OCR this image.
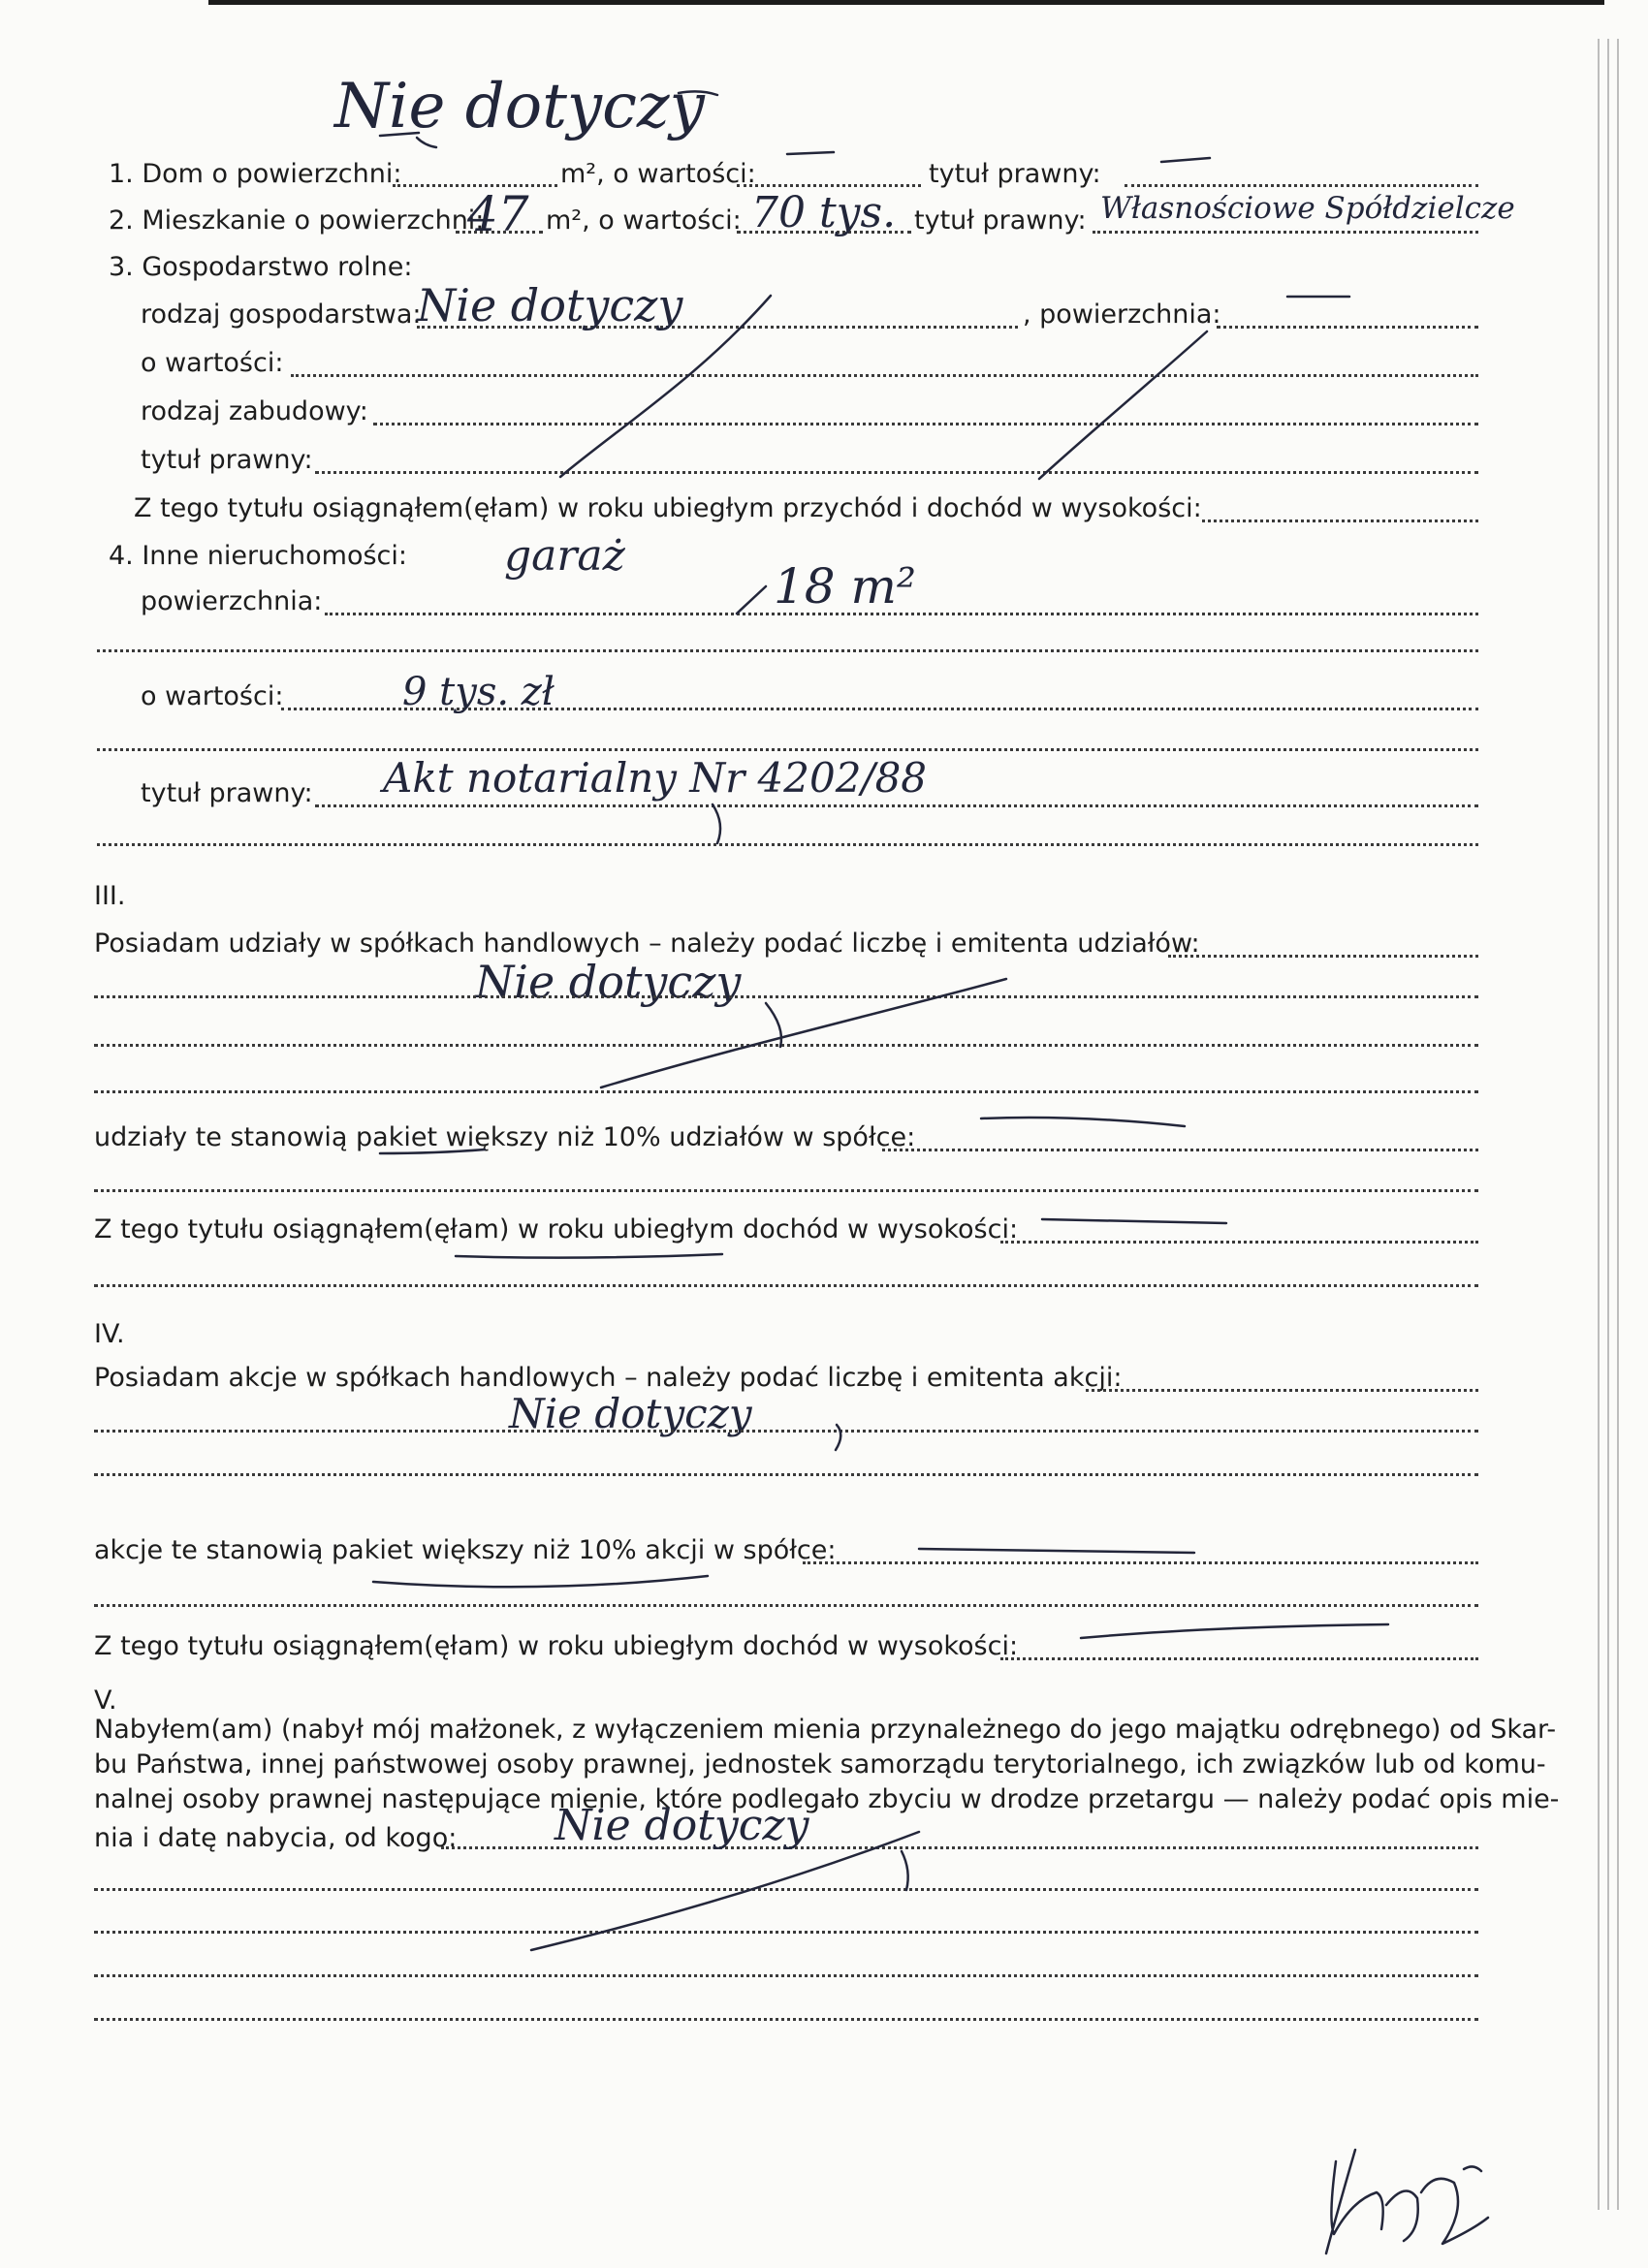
Nie dotyczy
1. Dom o powierzchni:	m², o wartości:	tytuł prawny:
2. Mieszkanie o powierzchni:
47 m², o wartości: 70 tys. tytuł prawny: Własnościowe Spółdzielcze
3. Gospodarstwo rolne:
rodzaj gospodarstwa:
Nie dotyczy	, powierzchnia:
o wartości:
rodzaj zabudowy:
tytuł prawny:
Z tego tytułu osiągnąłem(ęłam) w roku ubiegłym przychód i dochód w wysokości:
4. Inne nieruchomości: garaż
powierzchnia:	18 m²
o wartości:	9 tys. zł
tytuł prawny: Akt notarialny Nr 4202/88
III.
Posiadam udziały w spółkach handlowych – należy podać liczbę i emitenta udziałów:
Nie dotyczy
udziały te stanowią pakiet większy niż 10% udziałów w spółce:
Z tego tytułu osiągnąłem(ęłam) w roku ubiegłym dochód w wysokości:
IV.
Posiadam akcje w spółkach handlowych – należy podać liczbę i emitenta akcji:
Nie dotyczy
akcje te stanowią pakiet większy niż 10% akcji w spółce:
Z tego tytułu osiągnąłem(ęłam) w roku ubiegłym dochód w wysokości:
V.
Nabyłem(am) (nabył mój małżonek, z wyłączeniem mienia przynależnego do jego majątku odrębnego) od Skar-
bu Państwa, innej państwowej osoby prawnej, jednostek samorządu terytorialnego, ich związków lub od komu-
nalnej osoby prawnej następujące mienie, które podlegało zbyciu w drodze przetargu — należy podać opis mie-
nia i datę nabycia, od kogo: Nie dotyczy
